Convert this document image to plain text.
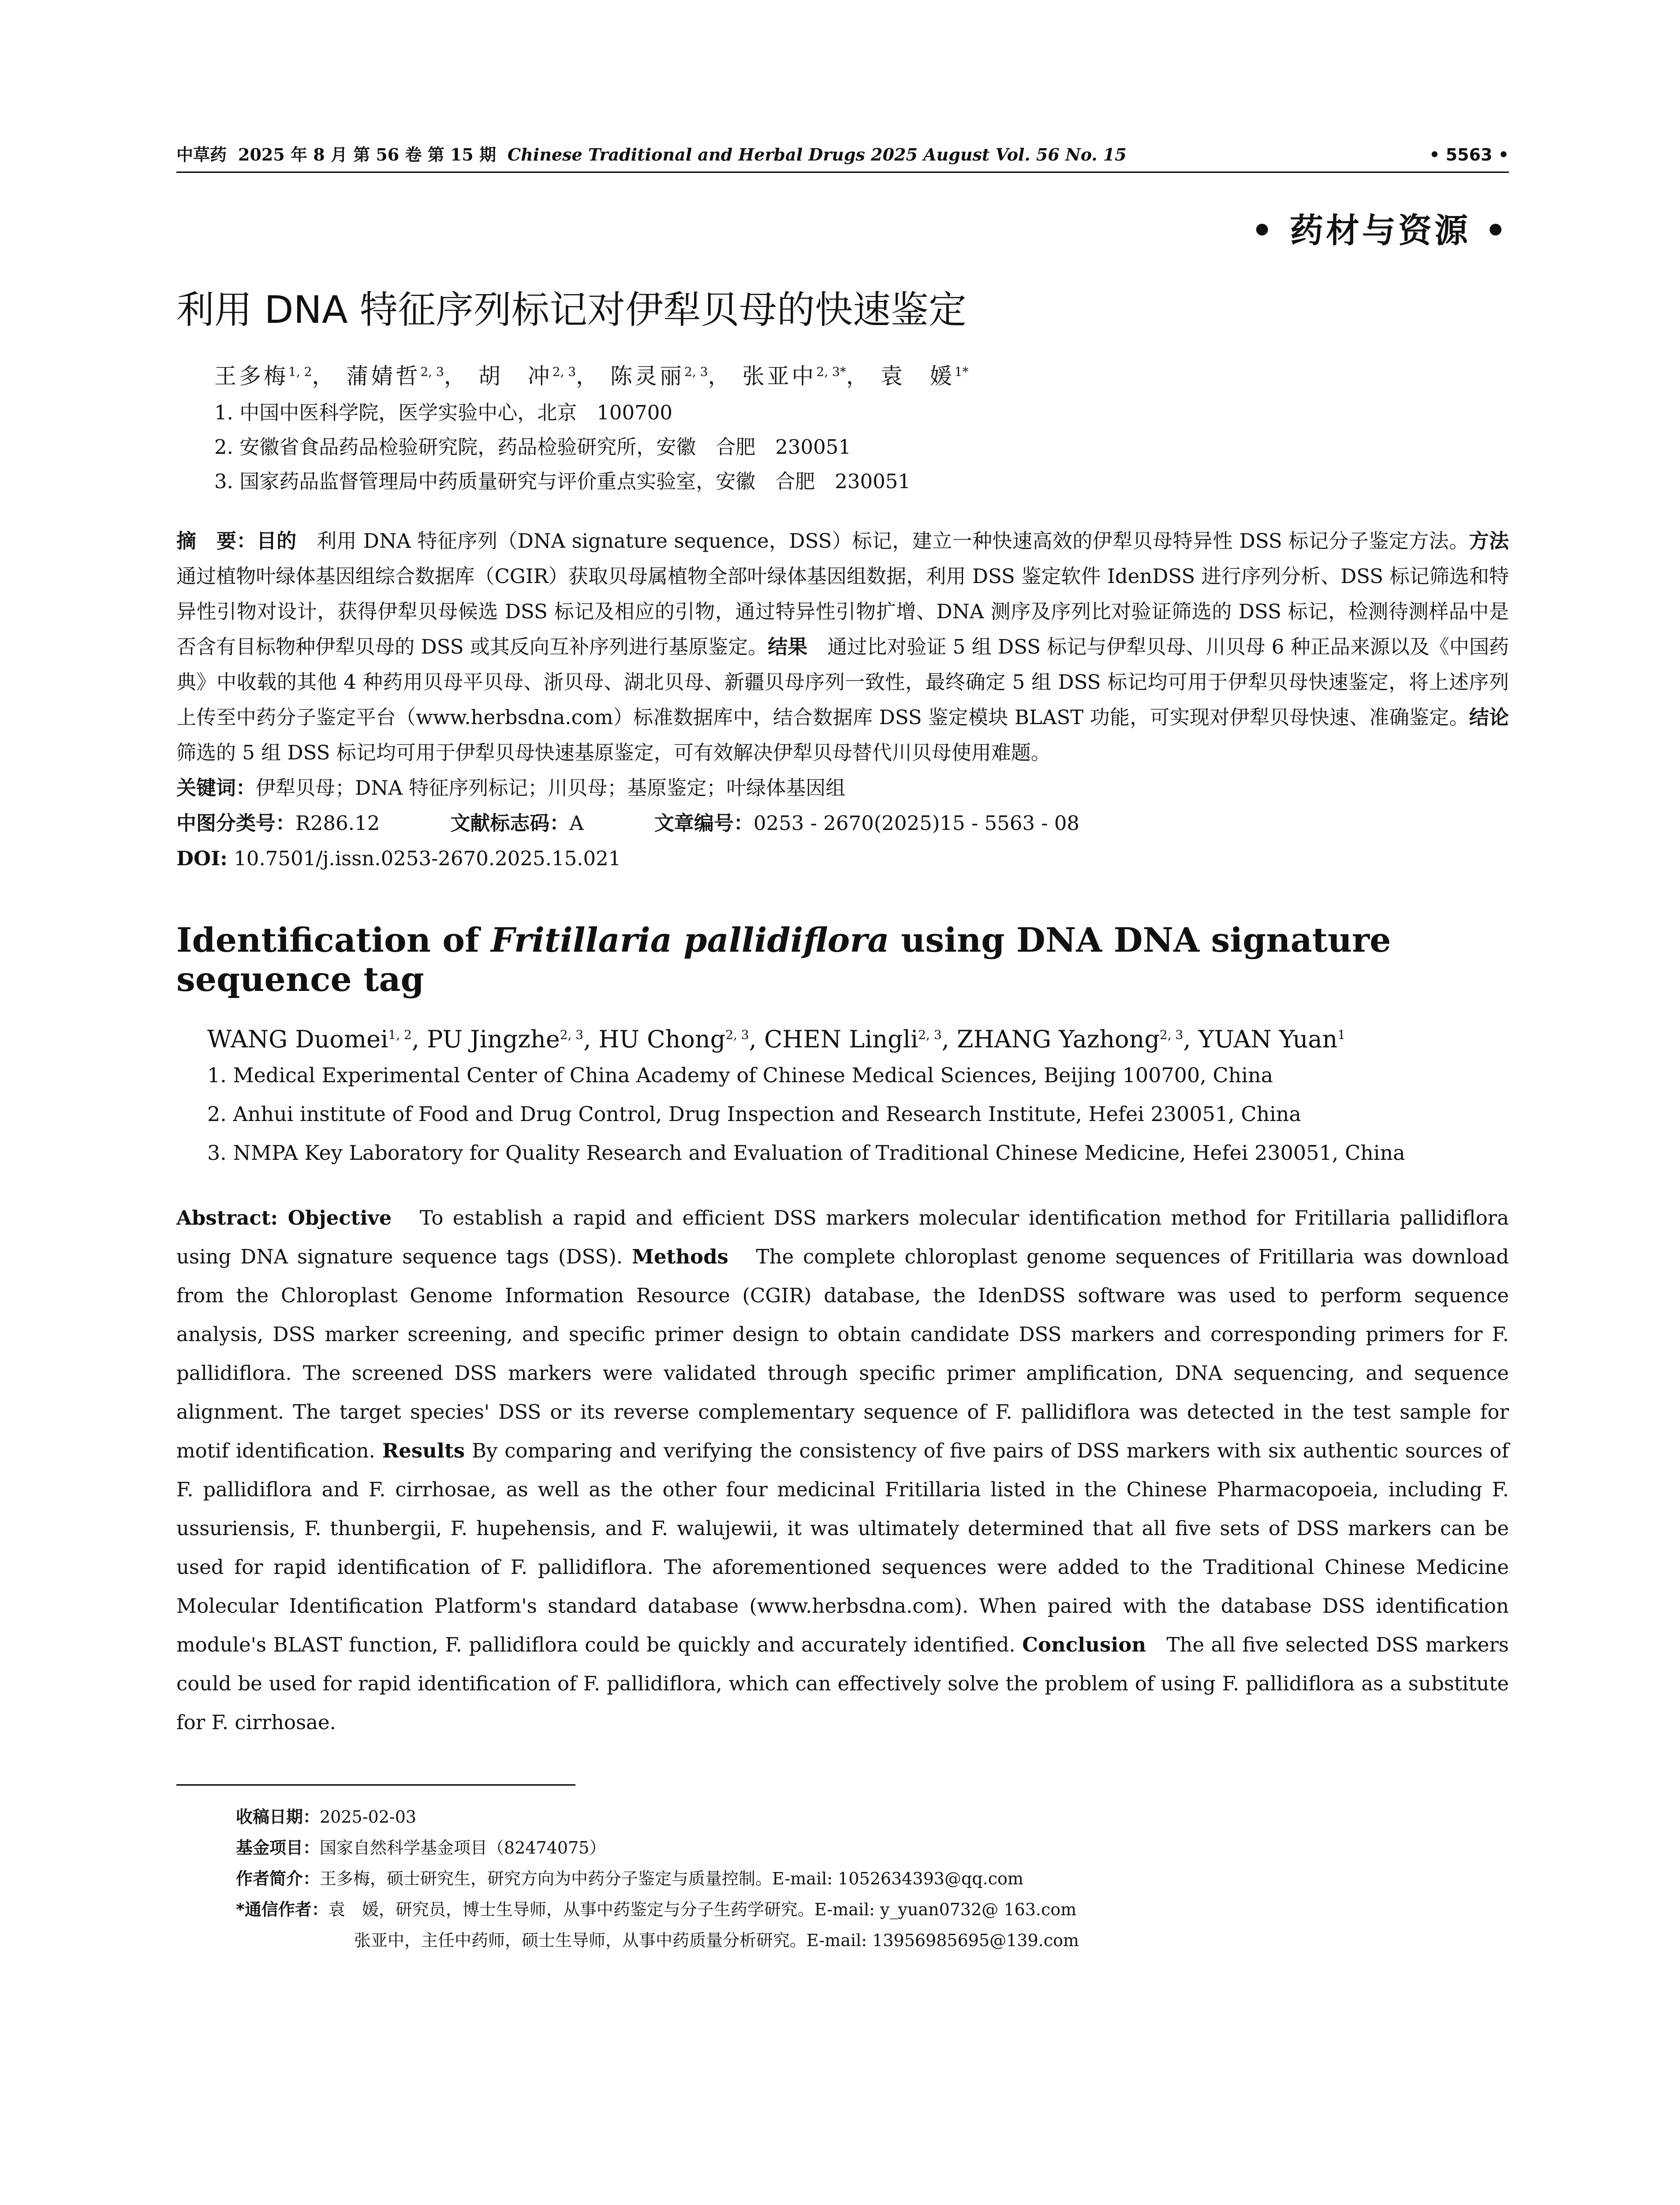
中草药 2025 年 8 月 第 56 卷 第 15 期 Chinese Traditional and Herbal Drugs 2025 August Vol. 56 No. 15	• 5563 •
• 药材与资源 •
利用 DNA 特征序列标记对伊犁贝母的快速鉴定
王多梅$^{1, 2}$， 蒲婧哲$^{2, 3}$， 胡　冲$^{2, 3}$， 陈灵丽$^{2, 3}$， 张亚中$^{2, 3*}$， 袁　媛$^{1*}$
1. 中国中医科学院，医学实验中心，北京　100700
2. 安徽省食品药品检验研究院，药品检验研究所，安徽　合肥　230051
3. 国家药品监督管理局中药质量研究与评价重点实验室，安徽　合肥　230051
摘　要：目的　 利用 DNA 特征序列（DNA signature sequence，DSS）标记，建立一种快速高效的伊犁贝母特异性 DSS 标记分子鉴定方法。方法　通过植物叶绿体基因组综合数据库（CGIR）获取贝母属植物全部叶绿体基因组数据，利用 DSS 鉴定软件 IdenDSS 进行序列分析、DSS 标记筛选和特异性引物对设计，获得伊犁贝母候选 DSS 标记及相应的引物，通过特异性引物扩增、DNA 测序及序列比对验证筛选的 DSS 标记，检测待测样品中是否含有目标物种伊犁贝母的 DSS 或其反向互补序列进行基原鉴定。结果　 通过比对验证 5 组 DSS 标记与伊犁贝母、川贝母 6 种正品来源以及《中国药典》中收载的其他 4 种药用贝母平贝母、浙贝母、湖北贝母、新疆贝母序列一致性，最终确定 5 组 DSS 标记均可用于伊犁贝母快速鉴定，将上述序列上传至中药分子鉴定平台（www.herbsdna.com）标准数据库中，结合数据库 DSS 鉴定模块 BLAST 功能，可实现对伊犁贝母快速、准确鉴定。结论　筛选的 5 组 DSS 标记均可用于伊犁贝母快速基原鉴定，可有效解决伊犁贝母替代川贝母使用难题。
关键词：伊犁贝母；DNA 特征序列标记；川贝母；基原鉴定；叶绿体基因组
中图分类号：R286.12	文献标志码：A	文章编号：0253 - 2670(2025)15 - 5563 - 08
DOI: 10.7501/j.issn.0253-2670.2025.15.021
Identification of Fritillaria pallidiflora using DNA DNA signature sequence tag
WANG Duomei$^{1, 2}$, PU Jingzhe$^{2, 3}$, HU Chong$^{2, 3}$, CHEN Lingli$^{2, 3}$, ZHANG Yazhong$^{2, 3}$, YUAN Yuan$^1$
1. Medical Experimental Center of China Academy of Chinese Medical Sciences, Beijing 100700, China
2. Anhui institute of Food and Drug Control, Drug Inspection and Research Institute, Hefei 230051, China
3. NMPA Key Laboratory for Quality Research and Evaluation of Traditional Chinese Medicine, Hefei 230051, China
Abstract: Objective To establish a rapid and efficient DSS markers molecular identification method for Fritillaria pallidiflora using DNA signature sequence tags (DSS). Methods The complete chloroplast genome sequences of Fritillaria was download from the Chloroplast Genome Information Resource (CGIR) database, the IdenDSS software was used to perform sequence analysis, DSS marker screening, and specific primer design to obtain candidate DSS markers and corresponding primers for F. pallidiflora. The screened DSS markers were validated through specific primer amplification, DNA sequencing, and sequence alignment. The target species' DSS or its reverse complementary sequence of F. pallidiflora was detected in the test sample for motif identification. Results By comparing and verifying the consistency of five pairs of DSS markers with six authentic sources of F. pallidiflora and F. cirrhosae, as well as the other four medicinal Fritillaria listed in the Chinese Pharmacopoeia, including F. ussuriensis, F. thunbergii, F. hupehensis, and F. walujewii, it was ultimately determined that all five sets of DSS markers can be used for rapid identification of F. pallidiflora. The aforementioned sequences were added to the Traditional Chinese Medicine Molecular Identification Platform's standard database (www.herbsdna.com). When paired with the database DSS identification module's BLAST function, F. pallidiflora could be quickly and accurately identified. Conclusion The all five selected DSS markers could be used for rapid identification of F. pallidiflora, which can effectively solve the problem of using F. pallidiflora as a substitute for F. cirrhosae.
收稿日期：2025-02-03
基金项目：国家自然科学基金项目（82474075）
作者简介：王多梅，硕士研究生，研究方向为中药分子鉴定与质量控制。E-mail: 1052634393@qq.com
*通信作者：袁　媛，研究员，博士生导师，从事中药鉴定与分子生药学研究。E-mail: y_yuan0732@ 163.com
张亚中，主任中药师，硕士生导师，从事中药质量分析研究。E-mail: 13956985695@139.com
